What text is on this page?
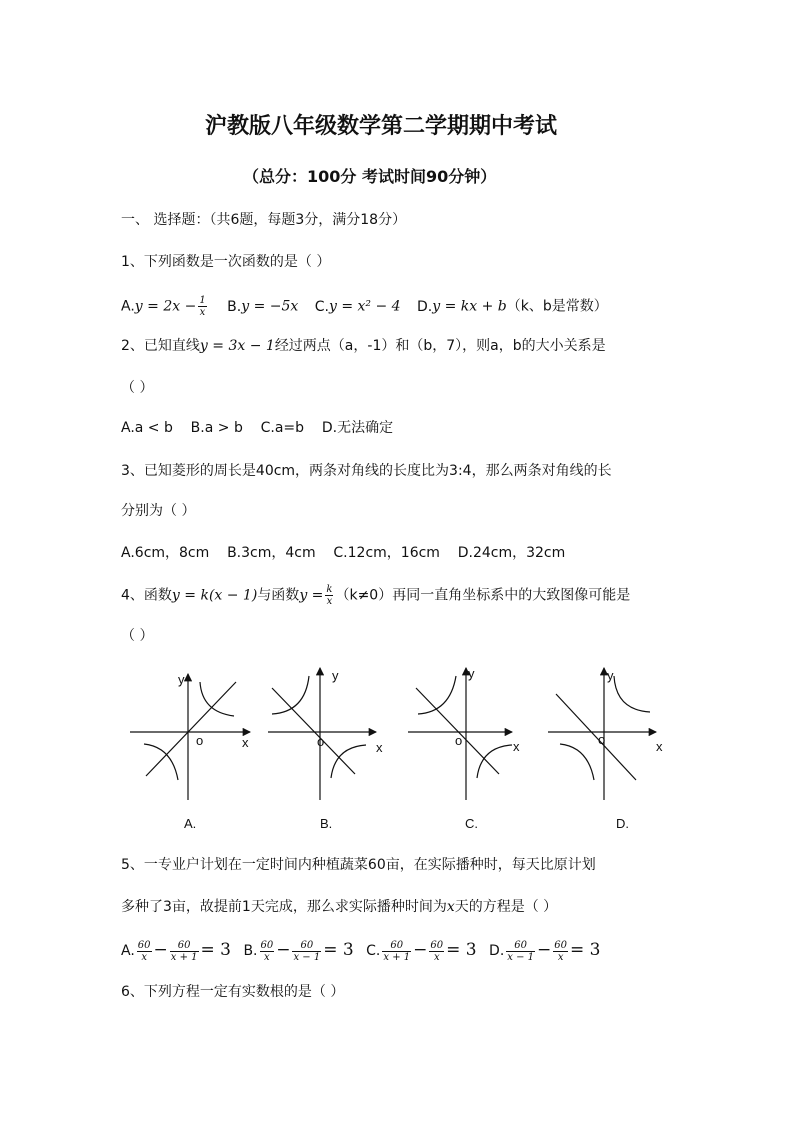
沪教版八年级数学第二学期期中考试
（总分：100分 考试时间90分钟）
一、 选择题：（共6题，每题3分，满分18分）
1、下列函数是一次函数的是（ ）
$A.y = 2x - \frac{1}{x} B.y = -5x$ C.y = x² − 4 D.y = kx + b（k、b是常数）
2、已知直线y = 3x − 1经过两点（a，-1）和（b，7），则a，b的大小关系是
（ ）
A.a < b    B.a > b    C.a=b    D.无法确定
3、已知菱形的周长是40cm，两条对角线的长度比为3:4，那么两条对角线的长
分别为（ ）
A.6cm，8cm    B.3cm，4cm    C.12cm，16cm    D.24cm，32cm
4、函数y = k(x − 1)与函数$y = \frac{k}{x} (k\ne 0)$再同一直角坐标系中的大致图像可能是
（ ）
y
x
o
y
x
o
y
x
o
y
x
o
A.	B.	C.	D.
5、一专业户计划在一定时间内种植蔬菜60亩，在实际播种时，每天比原计划
多种了3亩，故提前1天完成，那么求实际播种时间为x天的方程是（ ）
A. $\frac{60}{x} - \frac{60}{x + 1} = 3$ B. $\frac{60}{x} - \frac{60}{x - 1} = 3$ C. $\frac{60}{x + 1} - \frac{60}{x} = 3$ D. $\frac{60}{x - 1} - \frac{60}{x} = 3$
6、下列方程一定有实数根的是（ ）
